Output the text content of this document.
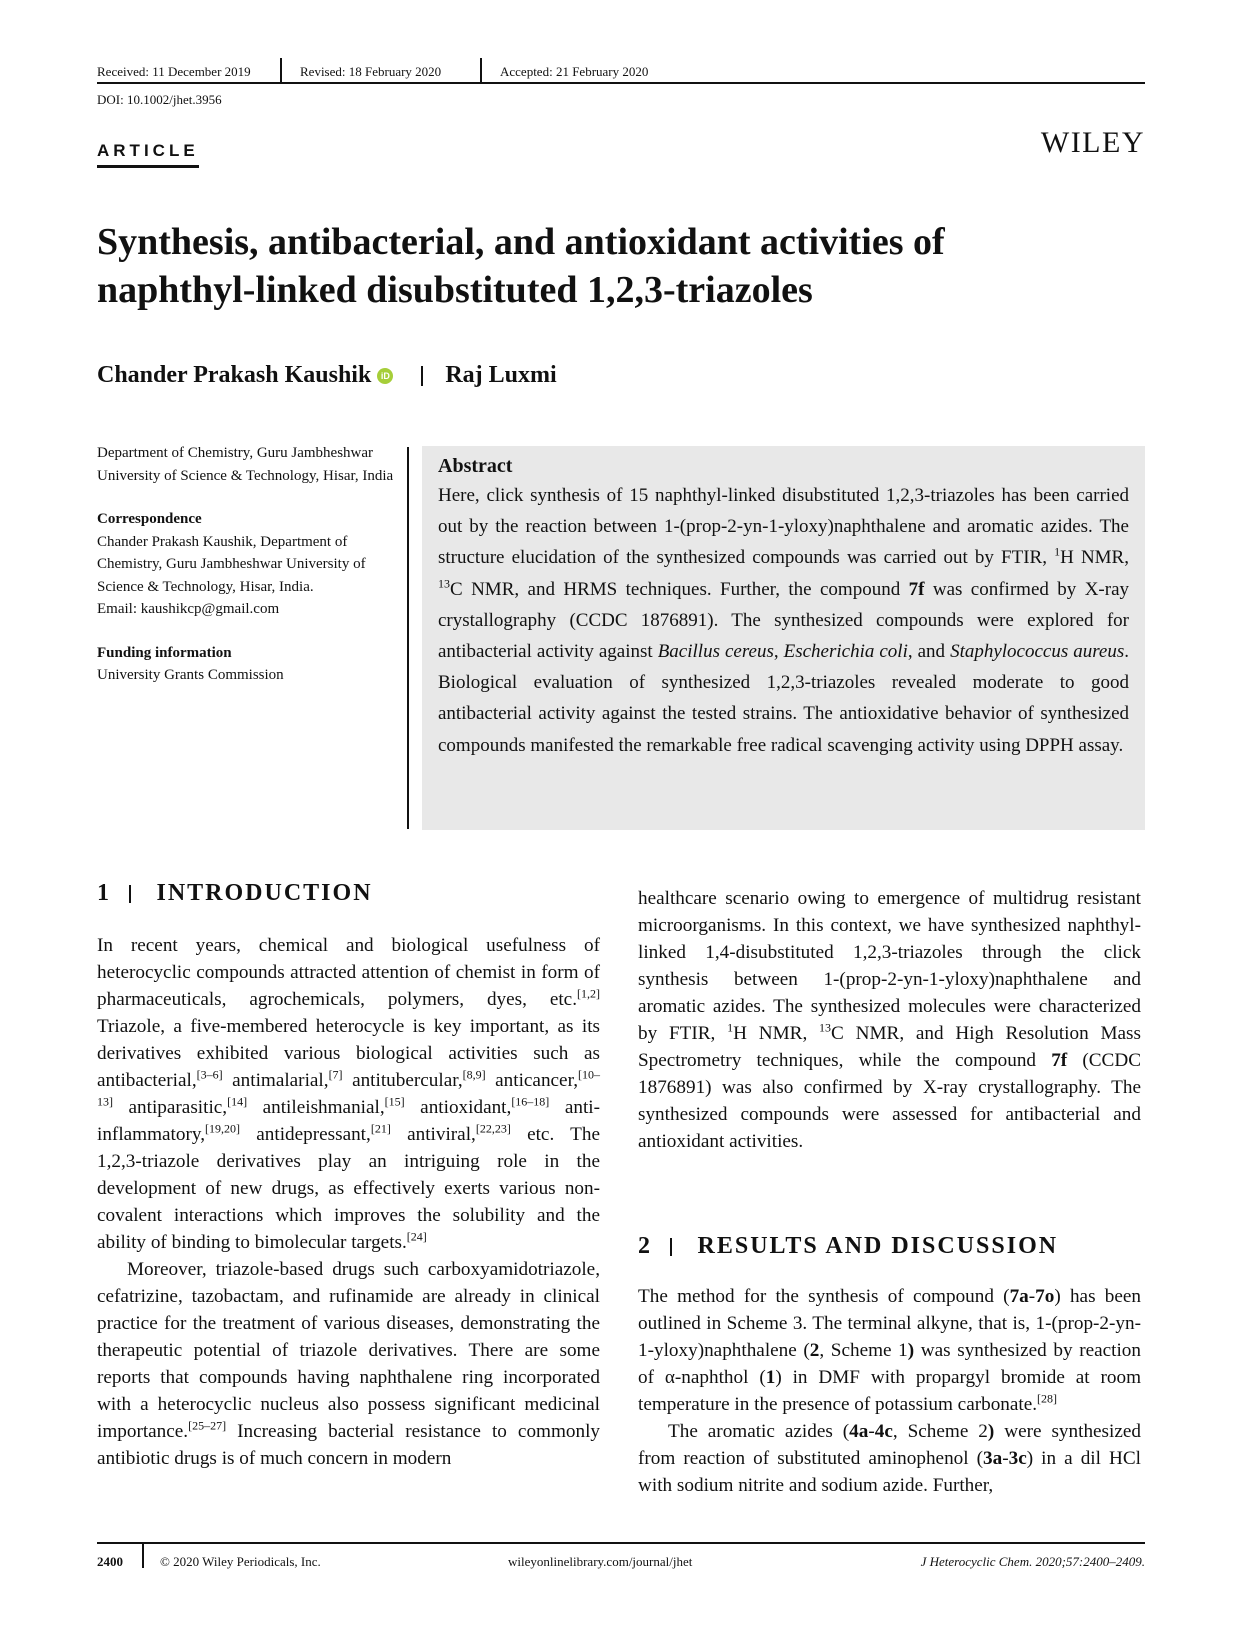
Received: 11 December 2019	Revised: 18 February 2020	Accepted: 21 February 2020
DOI: 10.1002/jhet.3956
ARTICLE	WILEY
Synthesis, antibacterial, and antioxidant activities of
naphthyl-linked disubstituted 1,2,3-triazoles
Chander Prakash Kaushik	iD Raj Luxmi
Department of Chemistry, Guru Jambheshwar University of Science & Technology, Hisar, India
Correspondence
Chander Prakash Kaushik, Department of Chemistry, Guru Jambheshwar University of Science & Technology, Hisar, India.
Email: kaushikcp@gmail.com
Funding information
University Grants Commission
Abstract
Here, click synthesis of 15 naphthyl-linked disubstituted 1,2,3-triazoles has been carried out by the reaction between 1-(prop-2-yn-1-yloxy)naphthalene and aromatic azides. The structure elucidation of the synthesized compounds was carried out by FTIR, $^1$H NMR, $^{13}$C NMR, and HRMS techniques. Further, the compound 7f was confirmed by X-ray crystallography (CCDC 1876891). The synthesized compounds were explored for antibacterial activity against Bacillus cereus, Escherichia coli, and Staphylococcus aureus. Biological evaluation of synthesized 1,2,3-triazoles revealed moderate to good antibacterial activity against the tested strains. The antioxidative behavior of synthesized compounds manifested the remarkable free radical scavenging activity using DPPH assay.
1 INTRODUCTION

In recent years, chemical and biological usefulness of heterocyclic compounds attracted attention of chemist in form of pharmaceuticals, agrochemicals, polymers, dyes, etc.[1,2] Triazole, a five-membered heterocycle is key important, as its derivatives exhibited various biological activities such as antibacterial,[3–6] antimalarial,[7] antitubercular,[8,9] anticancer,[10–13] antiparasitic,[14] antileishmanial,[15] antioxidant,[16–18] anti-inflammatory,[19,20] antidepressant,[21] antiviral,[22,23] etc. The 1,2,3-triazole derivatives play an intriguing role in the development of new drugs, as effectively exerts various non-covalent interactions which improves the solubility and the ability of binding to bimolecular targets.[24]

Moreover, triazole-based drugs such carboxyamidotriazole, cefatrizine, tazobactam, and rufinamide are already in clinical practice for the treatment of various diseases, demonstrating the therapeutic potential of triazole derivatives. There are some reports that compounds having naphthalene ring incorporated with a heterocyclic nucleus also possess significant medicinal importance.[25–27] Increasing bacterial resistance to commonly antibiotic drugs is of much concern in modern

healthcare scenario owing to emergence of multidrug resistant microorganisms. In this context, we have synthesized naphthyl-linked 1,4-disubstituted 1,2,3-triazoles through the click synthesis between 1-(prop-2-yn-1-yloxy)naphthalene and aromatic azides. The synthesized molecules were characterized by FTIR, $^1$H NMR, $^{13}$C NMR, and High Resolution Mass Spectrometry techniques, while the compound 7f (CCDC 1876891) was also confirmed by X-ray crystallography. The synthesized compounds were assessed for antibacterial and antioxidant activities.

2 RESULTS AND DISCUSSION

The method for the synthesis of compound (7a-7o) has been outlined in Scheme 3. The terminal alkyne, that is, 1-(prop-2-yn-1-yloxy)naphthalene (2, Scheme 1) was synthesized by reaction of α-naphthol (1) in DMF with propargyl bromide at room temperature in the presence of potassium carbonate.[28]

The aromatic azides (4a-4c, Scheme 2) were synthesized from reaction of substituted aminophenol (3a-3c) in a dil HCl with sodium nitrite and sodium azide. Further,

2400	© 2020 Wiley Periodicals, Inc.	wileyonlinelibrary.com/journal/jhet	J Heterocyclic Chem. 2020;57:2400–2409.
